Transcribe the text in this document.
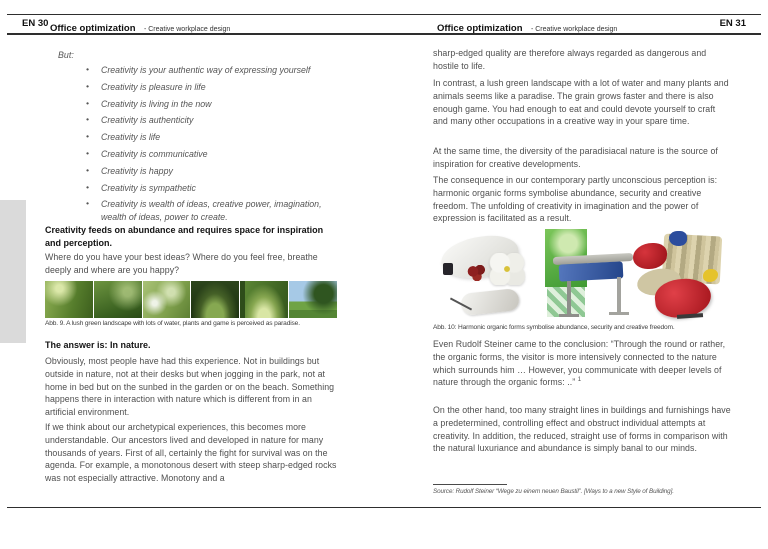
EN 30 Office optimization - Creative workplace design	Office optimization - Creative workplace design
EN 31
But:
• Creativity is your authentic way of expressing yourself
• Creativity is pleasure in life
• Creativity is living in the now
• Creativity is authenticity
• Creativity is life
• Creativity is communicative
• Creativity is happy
• Creativity is sympathetic
• Creativity is wealth of ideas, creative power, imagination, wealth of ideas, power to create.
Creativity feeds on abundance and requires space for inspiration and perception.
Where do you have your best ideas? Where do you feel free, breathe deeply and where are you happy?
Abb. 9. A lush green landscape with lots of water, plants and game is perceived as paradise.
The answer is: In nature.
Obviously, most people have had this experience. Not in buildings but outside in nature, not at their desks but when jogging in the park, not at home in bed but on the sunbed in the garden or on the beach. Something happens there in interaction with nature which is different from in an artificial environment.
If we think about our archetypical experiences, this becomes more understandable. Our ancestors lived and developed in nature for many thousands of years. First of all, certainly the fight for survival was on the agenda. For example, a monotonous desert with steep sharp-edged rocks was not especially attractive. Monotony and a
sharp-edged quality are therefore always regarded as dangerous and hostile to life.
In contrast, a lush green landscape with a lot of water and many plants and animals seems like a paradise. The grain grows faster and there is also enough game. You had enough to eat and could devote yourself to craft and many other occupations in a creative way in your spare time.
At the same time, the diversity of the paradisiacal nature is the source of inspiration for creative developments.
The consequence in our contemporary partly unconscious perception is: harmonic organic forms symbolise abundance, security and creative freedom. The unfolding of creativity in imagination and the power of expression is facilitated as a result.
Abb. 10: Harmonic organic forms symbolise abundance, security and creative freedom.
Even Rudolf Steiner came to the conclusion: “Through the round or rather, the organic forms, the visitor is more intensively connected to the nature which surrounds him … However, you communicate with deeper levels of nature through the organic forms: ..” $^1$
On the other hand, too many straight lines in buildings and furnishings have a predetermined, controlling effect and obstruct individual attempts at creativity. In addition, the reduced, straight use of forms in comparison with the natural luxuriance and abundance is simply banal to our minds.
Source: Rudolf Steiner “Wege zu einem neuen Baustil”. [Ways to a new Style of Building].
